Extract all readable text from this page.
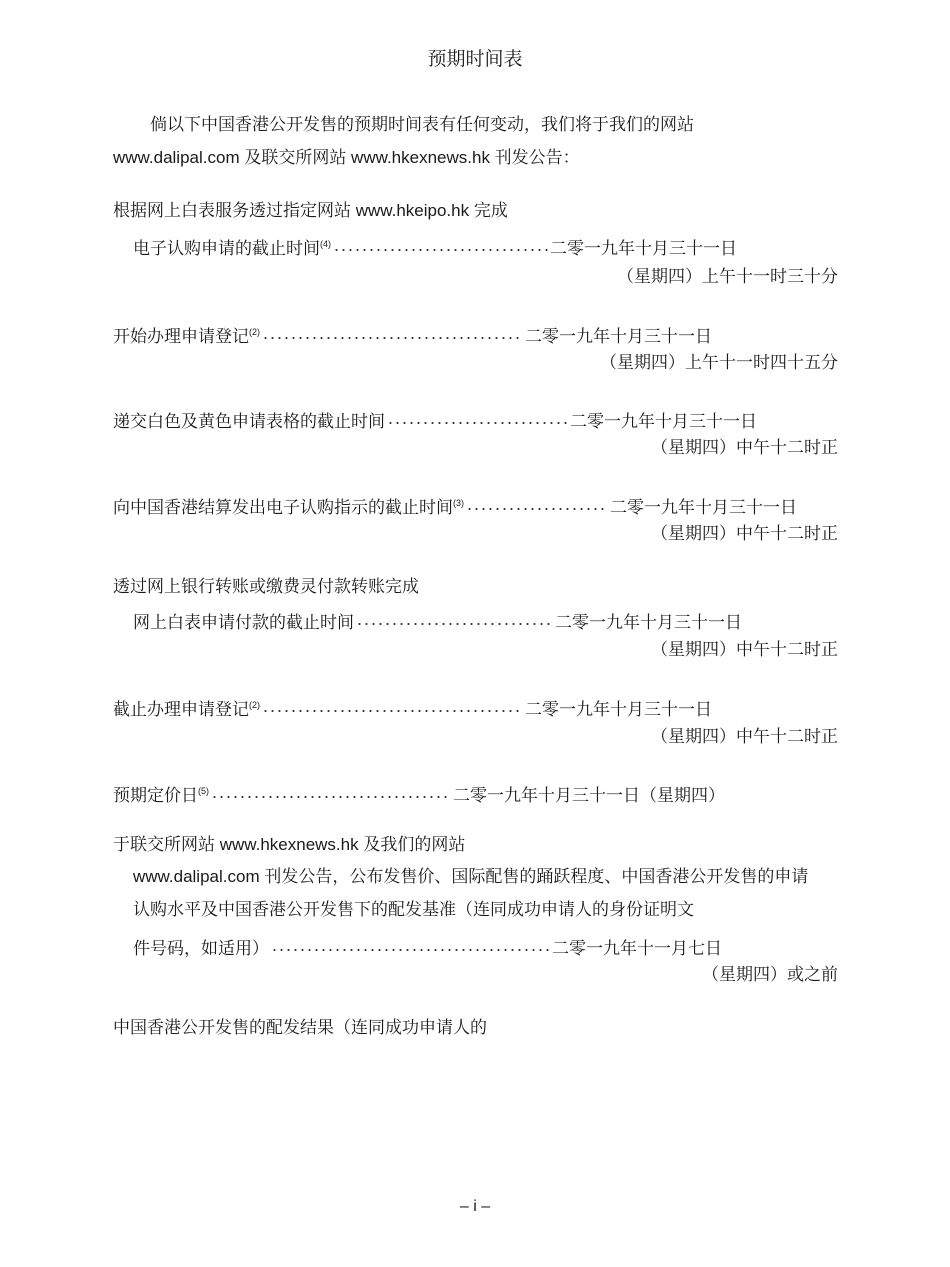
预期时间表
倘以下中国香港公开发售的预期时间表有任何变动，我们将于我们的网站
www.dalipal.com 及联交所网站 www.hkexnews.hk 刊发公告：
根据网上白表服务透过指定网站 www.hkeipo.hk 完成
电子认购申请的截止时间$^{(4)}$	二零一九年十月三十一日
（星期四）上午十一时三十分
开始办理申请登记$^{(2)}$	二零一九年十月三十一日
（星期四）上午十一时四十五分
递交白色及黄色申请表格的截止时间	二零一九年十月三十一日
（星期四）中午十二时正
向中国香港结算发出电子认购指示的截止时间$^{(3)}$	二零一九年十月三十一日
（星期四）中午十二时正
透过网上银行转账或缴费灵付款转账完成
网上白表申请付款的截止时间	二零一九年十月三十一日
（星期四）中午十二时正
截止办理申请登记$^{(2)}$	二零一九年十月三十一日
（星期四）中午十二时正
预期定价日$^{(5)}$	二零一九年十月三十一日（星期四）
于联交所网站 www.hkexnews.hk 及我们的网站
www.dalipal.com 刊发公告，公布发售价、国际配售的踊跃程度、中国香港公开发售的申请
认购水平及中国香港公开发售下的配发基准（连同成功申请人的身份证明文
件号码，如适用）	二零一九年十一月七日
（星期四）或之前
中国香港公开发售的配发结果（连同成功申请人的
– i –
